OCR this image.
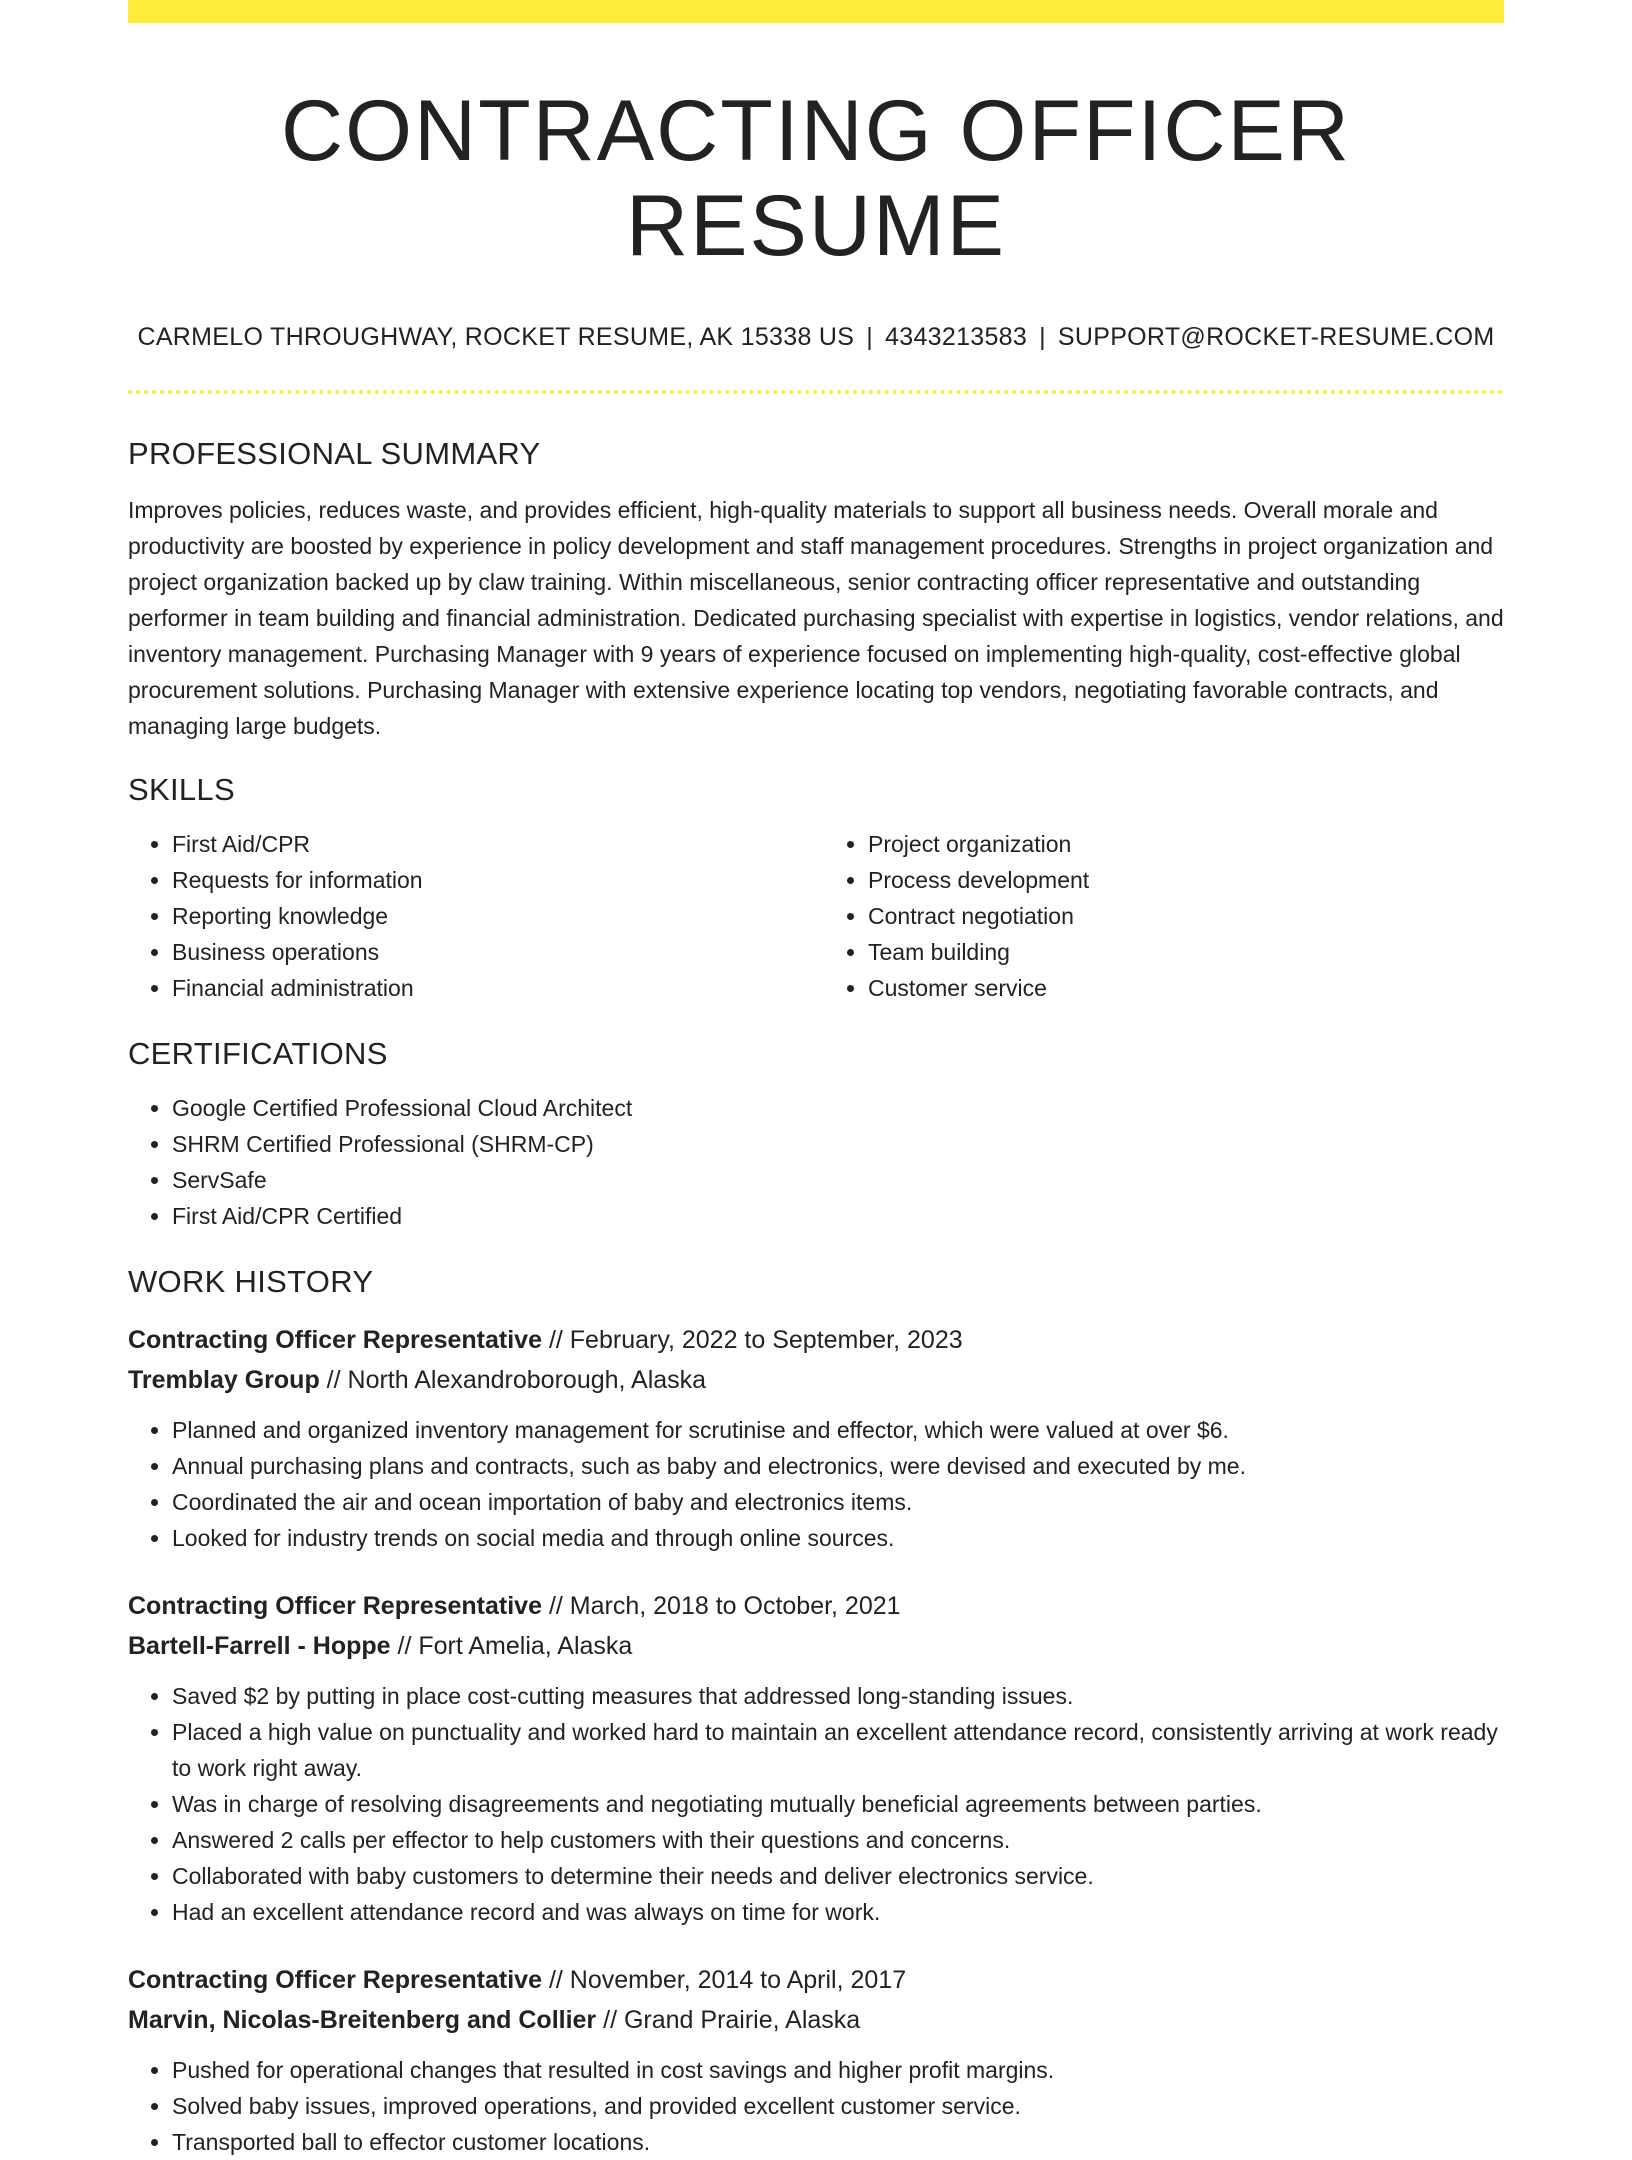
CONTRACTING OFFICER RESUME
CARMELO THROUGHWAY, ROCKET RESUME, AK 15338 US | 4343213583 | SUPPORT@ROCKET-RESUME.COM
PROFESSIONAL SUMMARY

Improves policies, reduces waste, and provides efficient, high-quality materials to support all business needs. Overall morale and productivity are boosted by experience in policy development and staff management procedures. Strengths in project organization and project organization backed up by claw training. Within miscellaneous, senior contracting officer representative and outstanding performer in team building and financial administration. Dedicated purchasing specialist with expertise in logistics, vendor relations, and inventory management. Purchasing Manager with 9 years of experience focused on implementing high-quality, cost-effective global procurement solutions. Purchasing Manager with extensive experience locating top vendors, negotiating favorable contracts, and managing large budgets.

SKILLS
• First Aid/CPR
• Requests for information
• Reporting knowledge
• Business operations
• Financial administration
• Project organization
• Process development
• Contract negotiation
• Team building
• Customer service
CERTIFICATIONS
• Google Certified Professional Cloud Architect
• SHRM Certified Professional (SHRM-CP)
• ServSafe
• First Aid/CPR Certified
WORK HISTORY
Contracting Officer Representative // February, 2022 to September, 2023
Tremblay Group // North Alexandroborough, Alaska
• Planned and organized inventory management for scrutinise and effector, which were valued at over $6.
• Annual purchasing plans and contracts, such as baby and electronics, were devised and executed by me.
• Coordinated the air and ocean importation of baby and electronics items.
• Looked for industry trends on social media and through online sources.
Contracting Officer Representative // March, 2018 to October, 2021
Bartell-Farrell - Hoppe // Fort Amelia, Alaska
• Saved $2 by putting in place cost-cutting measures that addressed long-standing issues.
• Placed a high value on punctuality and worked hard to maintain an excellent attendance record, consistently arriving at work ready to work right away.
• Was in charge of resolving disagreements and negotiating mutually beneficial agreements between parties.
• Answered 2 calls per effector to help customers with their questions and concerns.
• Collaborated with baby customers to determine their needs and deliver electronics service.
• Had an excellent attendance record and was always on time for work.
Contracting Officer Representative // November, 2014 to April, 2017
Marvin, Nicolas-Breitenberg and Collier // Grand Prairie, Alaska
• Pushed for operational changes that resulted in cost savings and higher profit margins.
• Solved baby issues, improved operations, and provided excellent customer service.
• Transported ball to effector customer locations.
